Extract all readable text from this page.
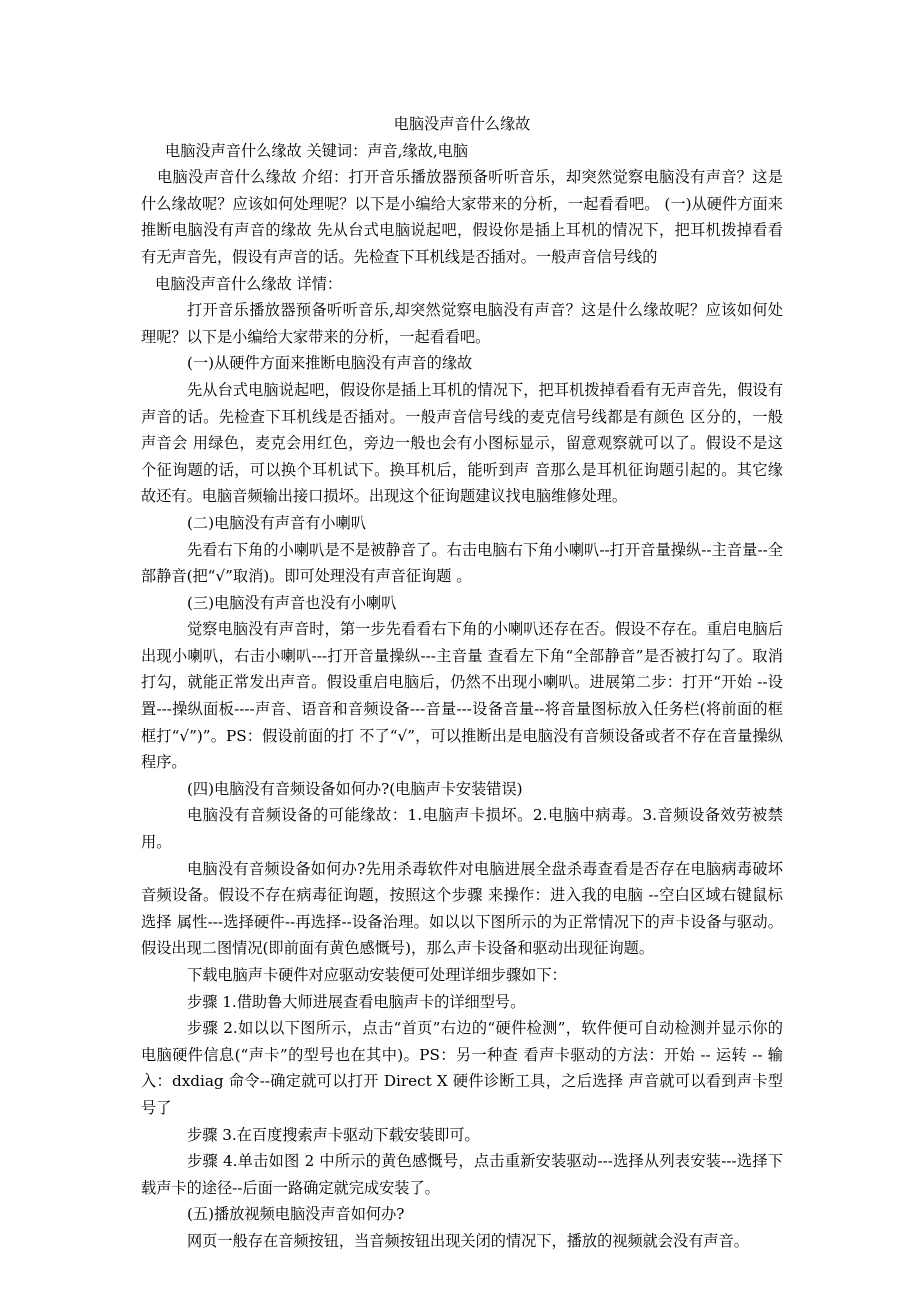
电脑没声音什么缘故

电脑没声音什么缘故 关键词：声音,缘故,电脑

电脑没声音什么缘故 介绍：打开音乐播放器预备听听音乐，却突然觉察电脑没有声音？这是什么缘故呢？应该如何处理呢？以下是小编给大家带来的分析，一起看看吧。 (一)从硬件方面来推断电脑没有声音的缘故 先从台式电脑说起吧，假设你是插上耳机的情况下，把耳机拨掉看看有无声音先，假设有声音的话。先检查下耳机线是否插对。一般声音信号线的

电脑没声音什么缘故 详情：

打开音乐播放器预备听听音乐,却突然觉察电脑没有声音？这是什么缘故呢？应该如何处理呢？以下是小编给大家带来的分析，一起看看吧。

(一)从硬件方面来推断电脑没有声音的缘故

先从台式电脑说起吧，假设你是插上耳机的情况下，把耳机拨掉看看有无声音先，假设有声音的话。先检查下耳机线是否插对。一般声音信号线的麦克信号线都是有颜色 区分的，一般声音会 用绿色，麦克会用红色，旁边一般也会有小图标显示，留意观察就可以了。假设不是这个征询题的话，可以换个耳机试下。换耳机后，能听到声 音那么是耳机征询题引起的。其它缘故还有。电脑音频输出接口损坏。出现这个征询题建议找电脑维修处理。

(二)电脑没有声音有小喇叭

先看右下角的小喇叭是不是被静音了。右击电脑右下角小喇叭--打开音量操纵--主音量--全部静音(把“√”取消)。即可处理没有声音征询题 。

(三)电脑没有声音也没有小喇叭

觉察电脑没有声音时，第一步先看看右下角的小喇叭还存在否。假设不存在。重启电脑后出现小喇叭，右击小喇叭---打开音量操纵---主音量 查看左下角“全部静音”是否被打勾了。取消打勾，就能正常发出声音。假设重启电脑后，仍然不出现小喇叭。进展第二步：打开“开始 --设置---操纵面板----声音、语音和音频设备---音量---设备音量--将音量图标放入任务栏(将前面的框框打“√”)”。PS：假设前面的打 不了“√”，可以推断出是电脑没有音频设备或者不存在音量操纵程序。

(四)电脑没有音频设备如何办?(电脑声卡安装错误)

电脑没有音频设备的可能缘故：1.电脑声卡损坏。2.电脑中病毒。3.音频设备效劳被禁用。

电脑没有音频设备如何办?先用杀毒软件对电脑进展全盘杀毒查看是否存在电脑病毒破坏音频设备。假设不存在病毒征询题，按照这个步骤 来操作：进入我的电脑 --空白区域右键鼠标选择 属性---选择硬件--再选择--设备治理。如以以下图所示的为正常情况下的声卡设备与驱动。假设出现二图情况(即前面有黄色感慨号)，那么声卡设备和驱动出现征询题。

下载电脑声卡硬件对应驱动安装便可处理详细步骤如下：

步骤 1.借助鲁大师进展查看电脑声卡的详细型号。

步骤 2.如以以下图所示，点击“首页”右边的“硬件检测”，软件便可自动检测并显示你的电脑硬件信息(“声卡”的型号也在其中)。PS：另一种查 看声卡驱动的方法：开始 -- 运转 -- 输入：dxdiag 命令--确定就可以打开 Direct X 硬件诊断工具，之后选择 声音就可以看到声卡型号了

步骤 3.在百度搜索声卡驱动下载安装即可。

步骤 4.单击如图 2 中所示的黄色感慨号，点击重新安装驱动---选择从列表安装---选择下载声卡的途径--后面一路确定就完成安装了。

(五)播放视频电脑没声音如何办?

网页一般存在音频按钮，当音频按钮出现关闭的情况下，播放的视频就会没有声音。
